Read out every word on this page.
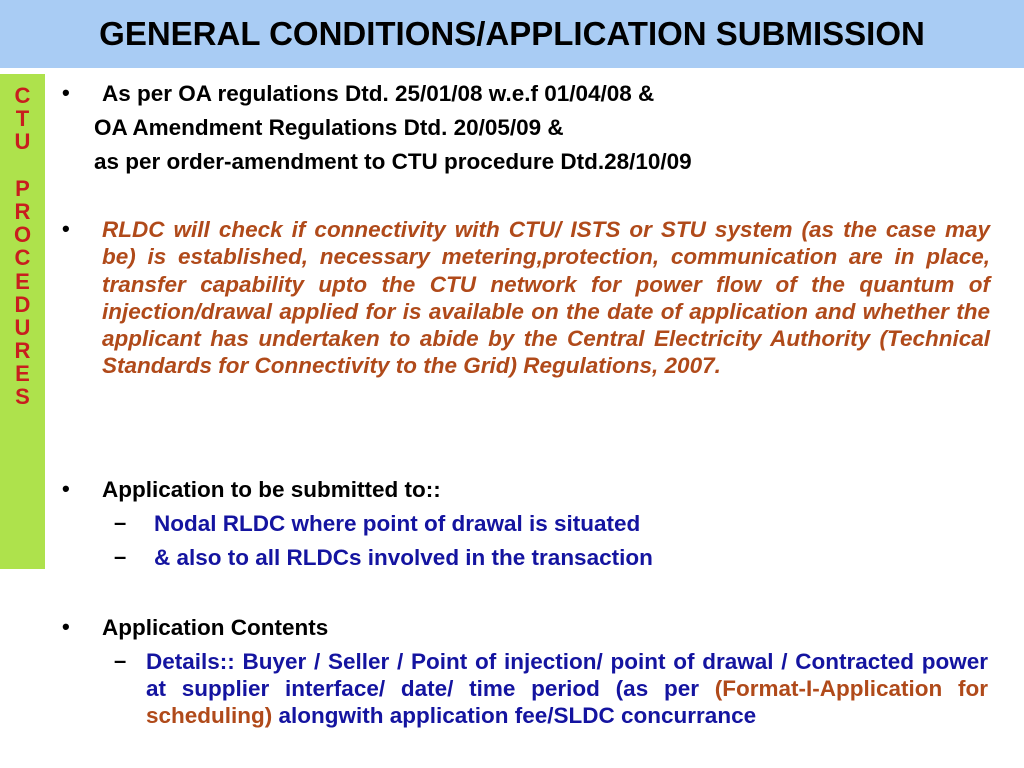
GENERAL CONDITIONS/APPLICATION SUBMISSION
C
T
U
P
R
O
C
E
D
U
R
E
S
• As per OA regulations Dtd. 25/01/08 w.e.f 01/04/08 &
OA Amendment Regulations Dtd. 20/05/09 &
as per order-amendment to CTU procedure Dtd.28/10/09
• RLDC will check if connectivity with CTU/ ISTS or STU system (as the case may be) is established, necessary metering,protection, communication are in place, transfer capability upto the CTU network for power flow of the quantum of injection/drawal applied for is available on the date of application and whether the applicant has undertaken to abide by the Central Electricity Authority (Technical Standards for Connectivity to the Grid) Regulations, 2007.
• Application to be submitted to::
– Nodal RLDC where point of drawal is situated
– & also to all RLDCs involved in the transaction
• Application Contents
– Details:: Buyer / Seller / Point of injection/ point of drawal / Contracted power at supplier interface/ date/ time period (as per (Format-I-Application for scheduling) alongwith application fee/SLDC concurrance
